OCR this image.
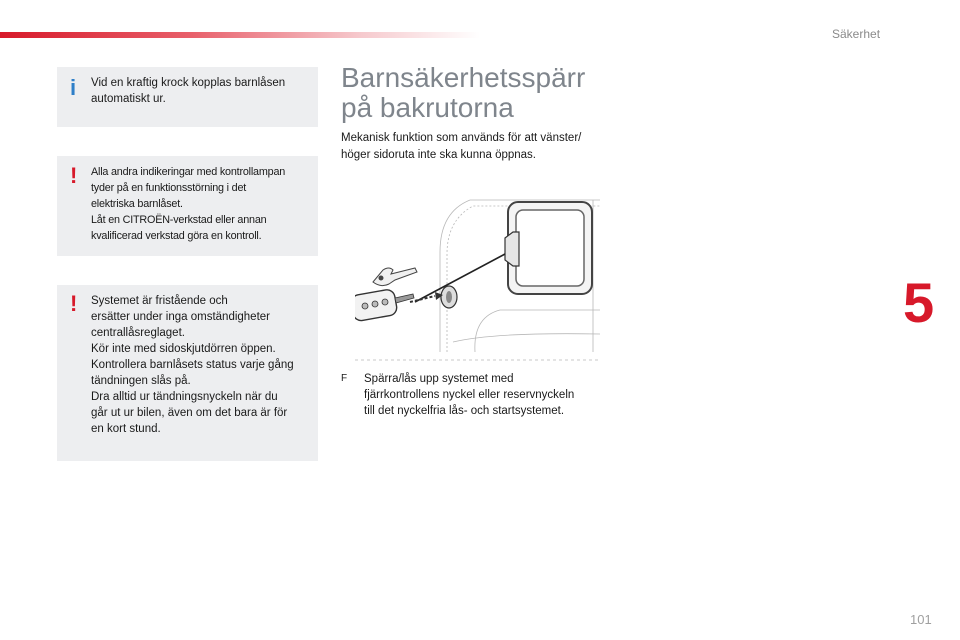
Säkerhet
5
i Vid en kraftig krock kopplas barnlåsen
automatiskt ur.
! Alla andra indikeringar med kontrollampan
tyder på en funktionsstörning i det
elektriska barnlåset.
Låt en CITROËN-verkstad eller annan
kvalificerad verkstad göra en kontroll.
! Systemet är fristående och
ersätter under inga omständigheter
centrallåsreglaget.
Kör inte med sidoskjutdörren öppen.
Kontrollera barnlåsets status varje gång
tändningen slås på.
Dra alltid ur tändningsnyckeln när du
går ut ur bilen, även om det bara är för
en kort stund.
Barnsäkerhetsspärr
på bakrutorna
Mekanisk funktion som används för att vänster/
höger sidoruta inte ska kunna öppnas.
F Spärra/lås upp systemet med
fjärrkontrollens nyckel eller reservnyckeln
till det nyckelfria lås- och startsystemet.
101
